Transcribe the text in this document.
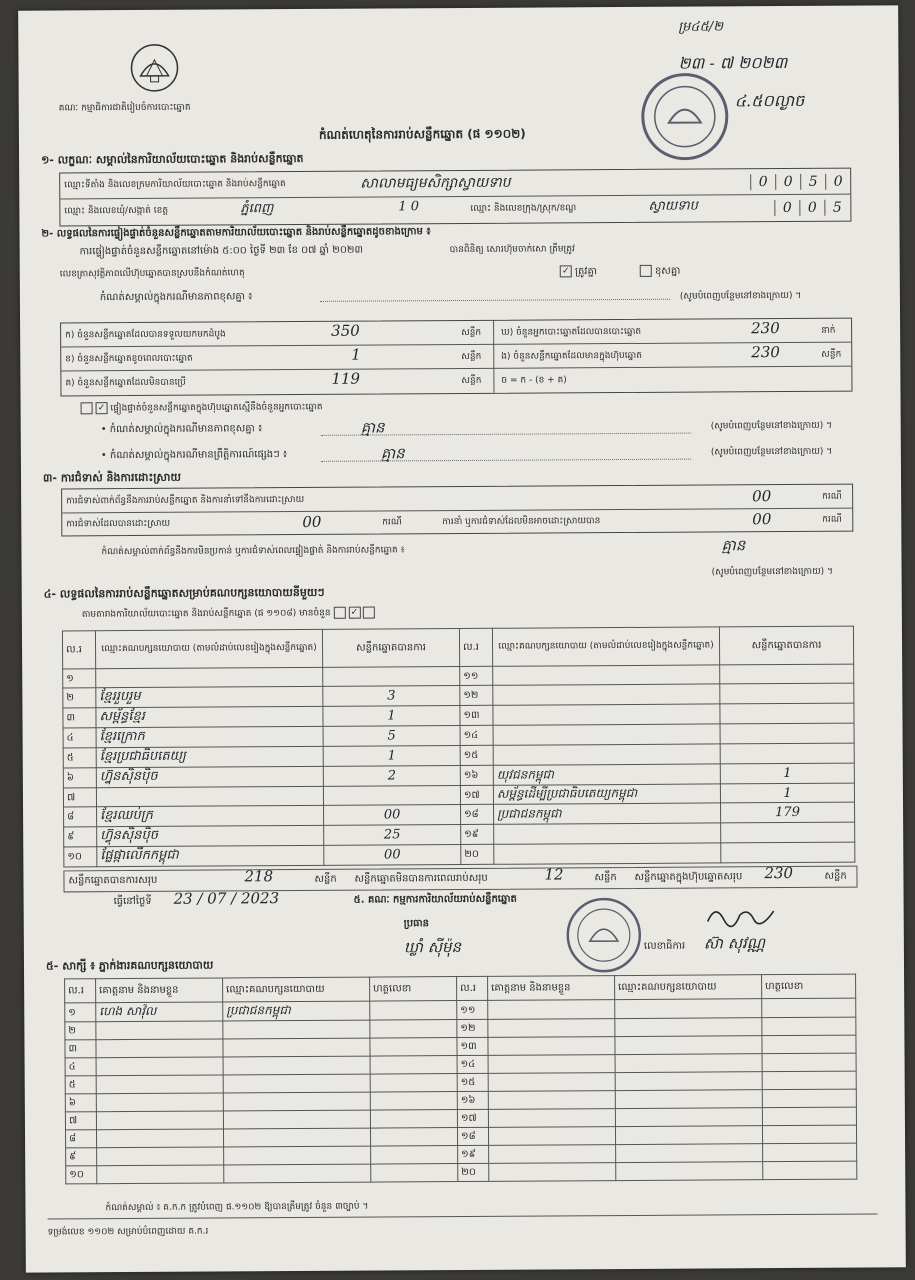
គណៈ កម្មាធិការជាតិរៀបចំការបោះឆ្នោត
ម្រ៤៥/២
២៣ - ៧ ២០២៣
៤.៥០ល្ងាច
កំណត់ហេតុនៃការរាប់សន្លឹកឆ្នោត (ផ ១១០២)
១- លក្ខណៈ សម្គាល់នៃការិយាល័យបោះឆ្នោត និងរាប់សន្លឹកឆ្នោត
ឈ្មោះទីតាំង និងលេខក្រមការិយាល័យបោះឆ្នោត និងរាប់សន្លឹកឆ្នោត	សាលាមធ្យមសិក្សាស្វាយទាប	0 0 5 0
ឈ្មោះ និងលេខឃុំ/សង្កាត់ ខេត្ត	ភ្នំពេញ	1 0	ឈ្មោះ និងលេខក្រុង/ស្រុក/ខណ្ឌ	ស្វាយទាប	0 0 5
២- លទ្ធផលនៃការផ្ទៀងផ្ទាត់ចំនួនសន្លឹកឆ្នោតតាមការិយាល័យបោះឆ្នោត និងរាប់សន្លឹកឆ្នោតដូចខាងក្រោម ៖
ការផ្ទៀងផ្ទាត់ចំនួនសន្លឹកឆ្នោតនៅម៉ោង ៥:០០ ថ្ងៃទី ២៣ ខែ ០៧ ឆ្នាំ ២០២៣	បានពិនិត្យ សោរហ៊ុមចាក់សោ ត្រឹមត្រូវ
លេខត្រាសុវត្ថិភាពលើហ៊ុបឆ្នោតបានស្របនឹងកំណត់ហេតុ	✓ ត្រូវគ្នា	ខុសគ្នា
កំណត់សម្គាល់ក្នុងករណីមានភាពខុសគ្នា ៖	(សូមបំពេញបន្ថែមនៅខាងក្រោយ) ។
ក) ចំនួនសន្លឹកឆ្នោតដែលបានទទួលយកមកដំបូង	350	សន្លឹក ឃ) ចំនួនអ្នកបោះឆ្នោតដែលបានបោះឆ្នោត	230	នាក់
ខ) ចំនួនសន្លឹកឆ្នោតខូចពេលបោះឆ្នោត	1	សន្លឹក ង) ចំនួនសន្លឹកឆ្នោតដែលមានក្នុងហ៊ុបឆ្នោត	230	សន្លឹក
គ) ចំនួនសន្លឹកឆ្នោតដែលមិនបានប្រើ	119	សន្លឹក ច = ក - (ខ + គ)
✓ ផ្ទៀងផ្ទាត់ចំនួនសន្លឹកឆ្នោតក្នុងហ៊ុបឆ្នោតស្មើនឹងចំនួនអ្នកបោះឆ្នោត
• កំណត់សម្គាល់ក្នុងករណីមានភាពខុសគ្នា ៖	គ្មាន	(សូមបំពេញបន្ថែមនៅខាងក្រោយ) ។
• កំណត់សម្គាល់ក្នុងករណីមានព្រឹត្តិការណ៍ផ្សេងៗ ៖	គ្មាន	(សូមបំពេញបន្ថែមនៅខាងក្រោយ) ។
៣- ការជំទាស់ និងការដោះស្រាយ
ការជំទាស់ពាក់ព័ន្ធនឹងការរាប់សន្លឹកឆ្នោត និងការនាំទៅនឹងការដោះស្រាយ	00	ករណី
ការជំទាស់ដែលបានដោះស្រាយ	00	ករណី	ការនាំ ឬការជំទាស់ដែលមិនអាចដោះស្រាយបាន	00	ករណី
កំណត់សម្គាល់ពាក់ព័ន្ធនឹងការមិនប្រកាន់ ឬការជំទាស់ពេលផ្ទៀងផ្ទាត់ និងការរាប់សន្លឹកឆ្នោត ៖	គ្មាន
(សូមបំពេញបន្ថែមនៅខាងក្រោយ) ។
៤- លទ្ធផលនៃការរាប់សន្លឹកឆ្នោតសម្រាប់គណបក្សនយោបាយនីមួយៗ
តាមតារាងការិយាល័យបោះឆ្នោត និងរាប់សន្លឹកឆ្នោត (ផ ១១០៨) មានចំនួន ✓
ល.រ	ឈ្មោះគណបក្សនយោបាយ (តាមលំដាប់លេខរៀងក្នុងសន្លឹកឆ្នោត)	សន្លឹកឆ្នោតបានការ	ល.រ	ឈ្មោះគណបក្សនយោបាយ (តាមលំដាប់លេខរៀងក្នុងសន្លឹកឆ្នោត)	សន្លឹកឆ្នោតបានការ
១			១១		
២	ខ្មែររួបរួម	3	១២		
៣	សម្ព័ន្ធខ្មែរ	1	១៣		
៤	ខ្មែរក្រោក	5	១៤		
៥	ខ្មែរប្រជាធិបតេយ្យ	1	១៥		
៦	ហ្វ៊ុនស៊ិនប៉ិច	2	១៦	យុវជនកម្ពុជា	1
៧			១៧	សម្ព័ន្ធដើម្បីប្រជាធិបតេយ្យកម្ពុជា	1
៨	ខ្មែរឈប់ក្រ	00	១៨	ប្រជាជនកម្ពុជា	179
៩	ហ៊្វុនស៊ិនប៉ិច	25	១៩		
១០	ផ្លែផ្កាលើកកម្ពុជា	00	២០		
សន្លឹកឆ្នោតបានការសរុប	218	សន្លឹក សន្លឹកឆ្នោតមិនបានការពេលរាប់សរុប	12	សន្លឹក សន្លឹកឆ្នោតក្នុងហ៊ុបឆ្នោតសរុប 230	សន្លឹក
ធ្វើនៅថ្ងៃទី 23 / 07 / 2023	៥. គណៈ កម្មការការិយាល័យរាប់សន្លឹកឆ្នោត
ប្រធាន
ឃ្លាំ ស៊ីម៉ុន	លេខាធិការ ស៊ា សុវណ្ណ
៥- សាក្សី ៖ ភ្នាក់ងារគណបក្សនយោបាយ
ល.រ	គោត្តនាម និងនាមខ្លួន	ឈ្មោះគណបក្សនយោបាយ	ហត្ថលេខា	ល.រ	គោត្តនាម និងនាមខ្លួន	ឈ្មោះគណបក្សនយោបាយ	ហត្ថលេខា
១	ហេង សាវ៉ុល	ប្រជាជនកម្ពុជា		១១			
២				១២			
៣				១៣			
៤				១៤			
៥				១៥			
៦				១៦			
៧				១៧			
៨				១៨			
៩				១៩			
១០				២០			
កំណត់សម្គាល់ ៖ គ.ក.ក ត្រូវបំពេញ ផ.១១០២ ឱ្យបានត្រឹមត្រូវ ចំនួន ៣ច្បាប់ ។
ទម្រង់លេខ ១១០២ សម្រាប់បំពេញដោយ គ.ក.រ
